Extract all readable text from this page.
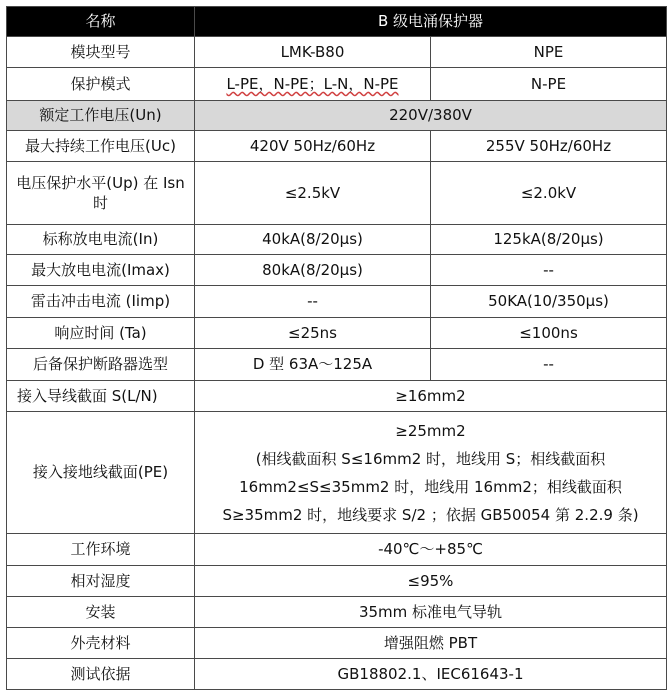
名称	B 级电涌保护器	
模块型号	LMK-B80	NPE
保护模式	L-PE，N-PE；L-N，N-PE	N-PE
额定工作电压(Un)	220V/380V	
最大持续工作电压(Uc)	420V 50Hz/60Hz	255V 50Hz/60Hz
电压保护水平(Up) 在 Isn 时	≤2.5kV	≤2.0kV
标称放电电流(In)	40kA(8/20μs)	125kA(8/20μs)
最大放电电流(Imax)	80kA(8/20μs)	--
雷击冲击电流 (Iimp)	--	50KA(10/350μs)
响应时间 (Ta)	≤25ns	≤100ns
后备保护断路器选型	D 型 63A～125A	--
接入导线截面 S(L/N)	≥16mm2	
接入接地线截面(PE)	≥25mm2
(相线截面积 S≤16mm2 时，地线用 S；相线截面积 16mm2≤S≤35mm2 时，地线用 16mm2；相线截面积 S≥35mm2 时，地线要求 S/2 ；依据 GB50054 第 2.2.9 条)	

工作环境	-40℃～+85℃	
相对湿度	≤95%	
安装	35mm 标准电气导轨	
外壳材料	增强阻燃 PBT	
测试依据	GB18802.1、IEC61643-1	
